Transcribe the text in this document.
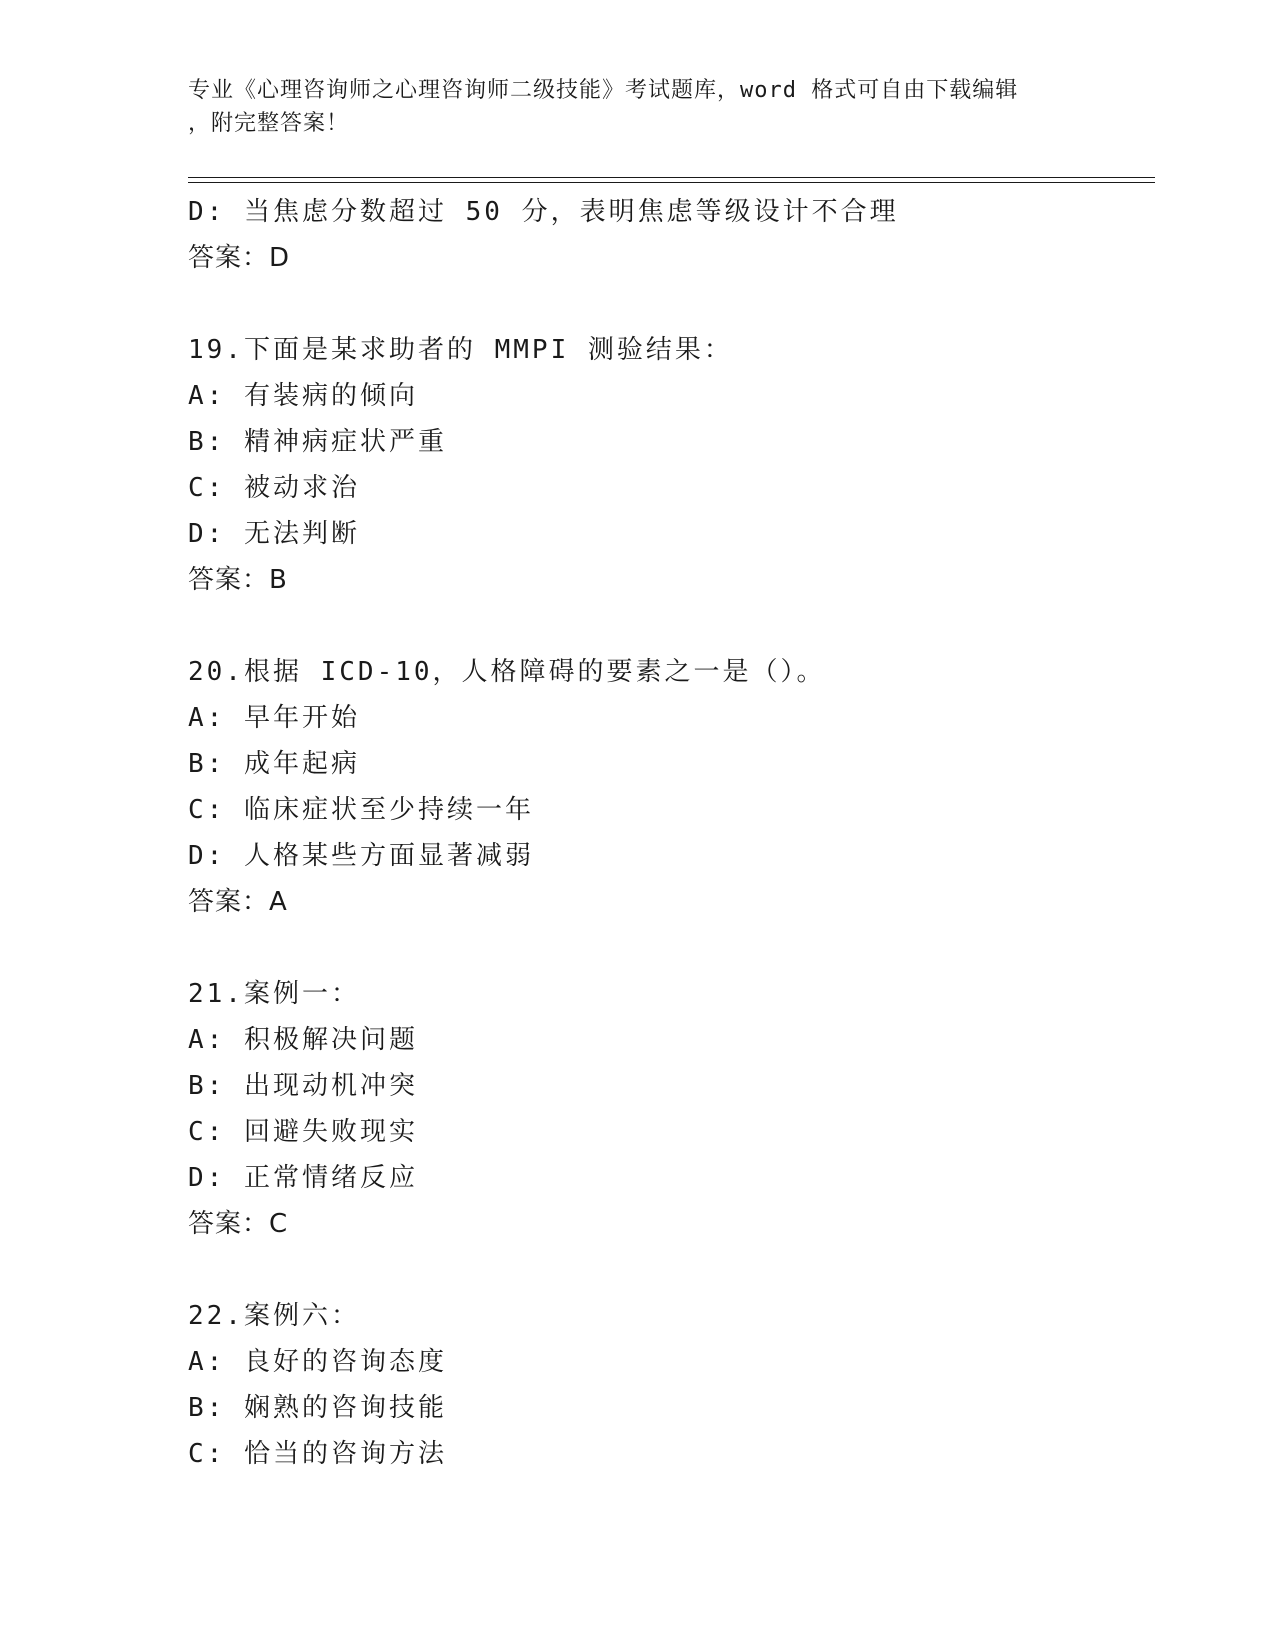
专业《心理咨询师之心理咨询师二级技能》考试题库，word 格式可自由下载编辑
，附完整答案！
D: 当焦虑分数超过 50 分，表明焦虑等级设计不合理
答案：D
19.下面是某求助者的 MMPI 测验结果：
A: 有装病的倾向
B: 精神病症状严重
C: 被动求治
D: 无法判断
答案：B
20.根据 ICD-10，人格障碍的要素之一是（）。
A: 早年开始
B: 成年起病
C: 临床症状至少持续一年
D: 人格某些方面显著减弱
答案：A
21.案例一：
A: 积极解决问题
B: 出现动机冲突
C: 回避失败现实
D: 正常情绪反应
答案：C
22.案例六：
A: 良好的咨询态度
B: 娴熟的咨询技能
C: 恰当的咨询方法
